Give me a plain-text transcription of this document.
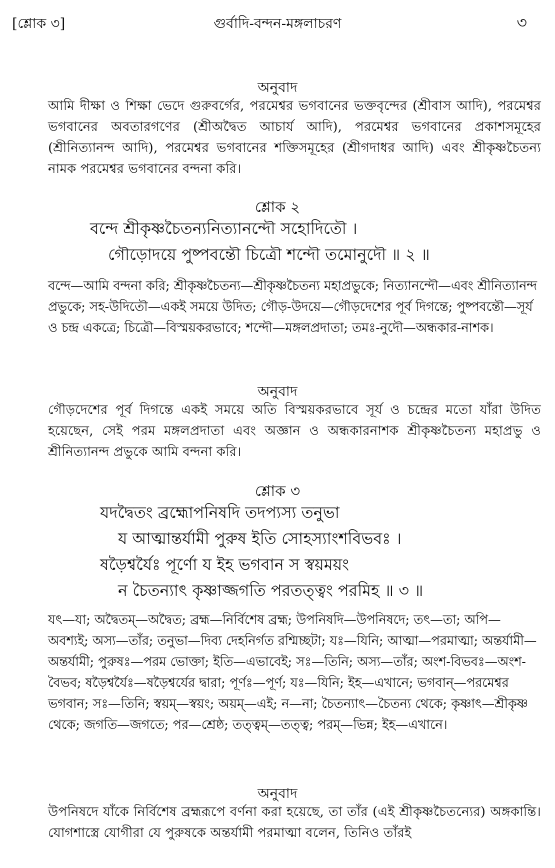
[শ্লোক ৩]	গুর্বাদি-বন্দন-মঙ্গলাচরণ	৩
অনুবাদ

আমি দীক্ষা ও শিক্ষা ভেদে গুরুবর্গের, পরমেশ্বর ভগবানের ভক্তবৃন্দের (শ্রীবাস আদি), পরমেশ্বর ভগবানের অবতারগণের (শ্রীঅদ্বৈত আচার্য আদি), পরমেশ্বর ভগবানের প্রকাশসমূহের (শ্রীনিত্যানন্দ আদি), পরমেশ্বর ভগবানের শক্তিসমূহের (শ্রীগদাধর আদি) এবং শ্রীকৃষ্ণচৈতন্য নামক পরমেশ্বর ভগবানের বন্দনা করি।

শ্লোক ২
বন্দে শ্রীকৃষ্ণচৈতন্যনিত্যানন্দৌ সহোদিতৌ ।
গৌড়োদয়ে পুষ্পবন্তৌ চিত্রৌ শন্দৌ তমোনুদৌ ॥ ২ ॥

বন্দে—আমি বন্দনা করি; শ্রীকৃষ্ণচৈতন্য—শ্রীকৃষ্ণচৈতন্য মহাপ্রভুকে; নিত্যানন্দৌ—এবং শ্রীনিত্যানন্দ প্রভুকে; সহ-উদিতৌ—একই সময়ে উদিত; গৌড়-উদয়ে—গৌড়দেশের পূর্ব দিগন্তে; পুষ্পবন্তৌ—সূর্য ও চন্দ্র একত্রে; চিত্রৌ—বিস্ময়করভাবে; শন্দৌ—মঙ্গলপ্রদাতা; তমঃ-নুদৌ—অন্ধকার-নাশক।

অনুবাদ

গৌড়দেশের পূর্ব দিগন্তে একই সময়ে অতি বিস্ময়করভাবে সূর্য ও চন্দ্রের মতো যাঁরা উদিত হয়েছেন, সেই পরম মঙ্গলপ্রদাতা এবং অজ্ঞান ও অন্ধকারনাশক শ্রীকৃষ্ণচৈতন্য মহাপ্রভু ও শ্রীনিত্যানন্দ প্রভুকে আমি বন্দনা করি।

শ্লোক ৩
যদদ্বৈতং ব্রহ্মোপনিষদি তদপ্যস্য তনুভা
য আত্মান্তর্যামী পুরুষ ইতি সোহস্যাংশবিভবঃ ।
ষড়ৈশ্বর্যৈঃ পূর্ণো য ইহ ভগবান স স্বয়ময়ং
ন চৈতন্যাৎ কৃষ্ণাজ্জগতি পরতত্ত্বং পরমিহ ॥ ৩ ॥

যৎ—যা; অদ্বৈতম্—অদ্বৈত; ব্রহ্ম—নির্বিশেষ ব্রহ্ম; উপনিষদি—উপনিষদে; তৎ—তা; অপি—অবশ্যই; অস্য—তাঁর; তনুভা—দিব্য দেহনির্গত রশ্মিচ্ছটা; যঃ—যিনি; আত্মা—পরমাত্মা; অন্তর্যামী—অন্তর্যামী; পুরুষঃ—পরম ভোক্তা; ইতি—এভাবেই; সঃ—তিনি; অস্য—তাঁর; অংশ-বিভবঃ—অংশ-বৈভব; ষড়ৈশ্বর্যৈঃ—ষড়ৈশ্বর্যের দ্বারা; পূর্ণঃ—পূর্ণ; যঃ—যিনি; ইহ—এখানে; ভগবান্—পরমেশ্বর ভগবান; সঃ—তিনি; স্বয়ম্—স্বয়ং; অয়ম্—এই; ন—না; চৈতন্যাৎ—চৈতন্য থেকে; কৃষ্ণাৎ—শ্রীকৃষ্ণ থেকে; জগতি—জগতে; পর—শ্রেষ্ঠ; তত্ত্বম্—তত্ত্ব; পরম্—ভিন্ন; ইহ—এখানে।

অনুবাদ

উপনিষদে যাঁকে নির্বিশেষ ব্রহ্মরূপে বর্ণনা করা হয়েছে, তা তাঁর (এই শ্রীকৃষ্ণচৈতন্যের) অঙ্গকান্তি। যোগশাস্ত্রে যোগীরা যে পুরুষকে অন্তর্যামী পরমাত্মা বলেন, তিনিও তাঁরই
